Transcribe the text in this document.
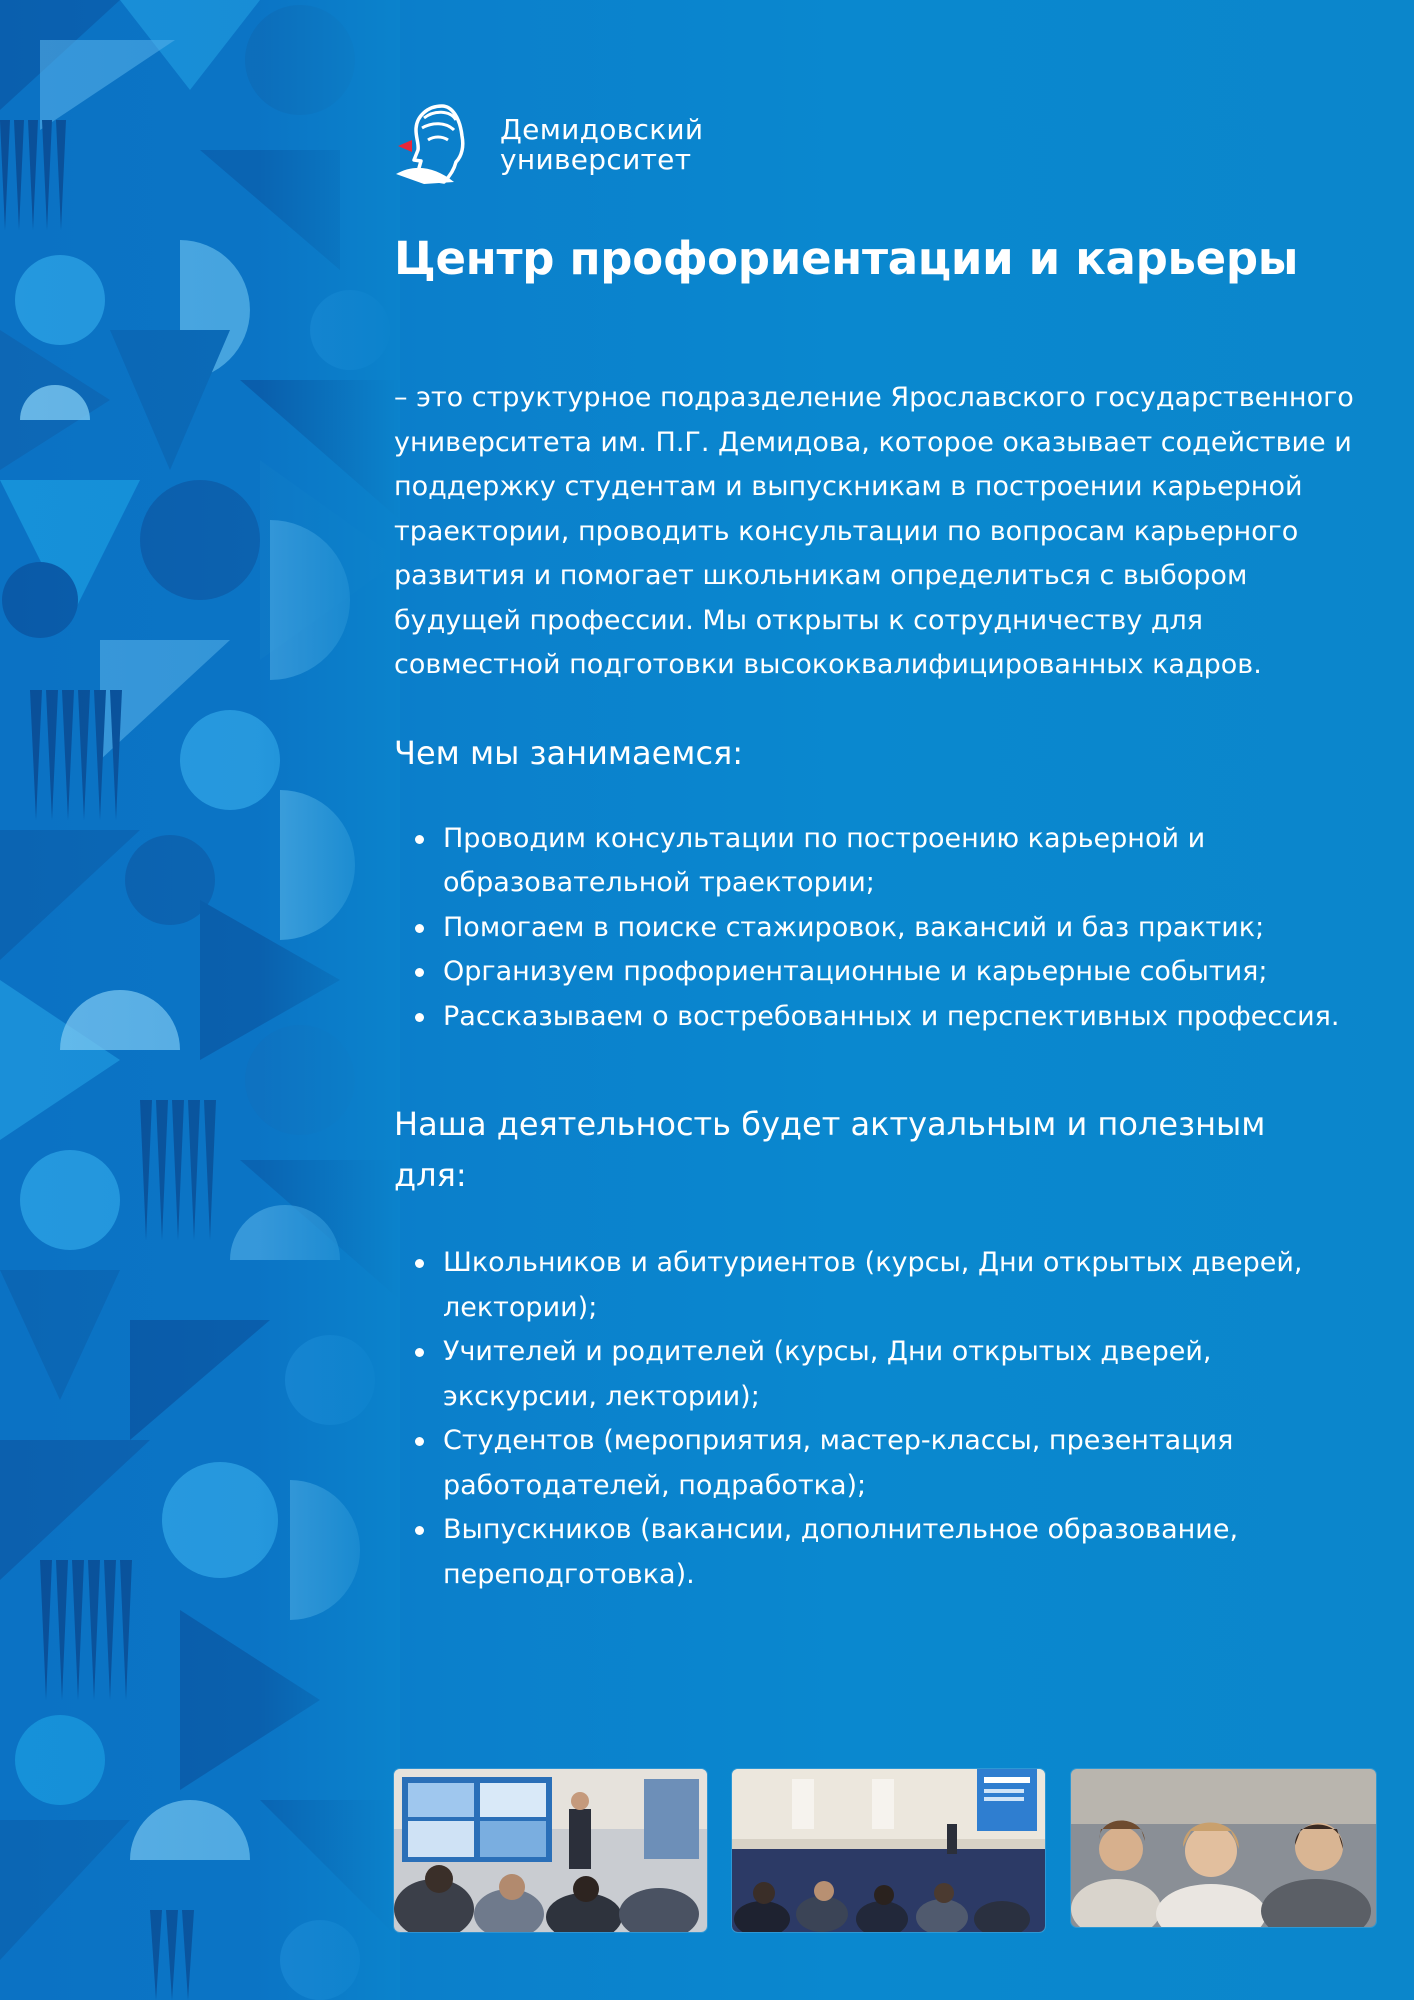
Демидовский
университет
Центр профориентации и карьеры

– это структурное подразделение Ярославского государственного университета им. П.Г. Демидова, которое оказывает содействие и поддержку студентам и выпускникам в построении карьерной траектории, проводить консультации по вопросам карьерного развития и помогает школьникам определиться с выбором будущей профессии. Мы открыты к сотрудничеству для совместной подготовки высококвалифицированных кадров.

Чем мы занимаемся:
Проводим консультации по построению карьерной и образовательной траектории;
Помогаем в поиске стажировок, вакансий и баз практик;
Организуем профориентационные и карьерные события;
Рассказываем о востребованных и перспективных профессия.
Наша деятельность будет актуальным и полезным для:
Школьников и абитуриентов (курсы, Дни открытых дверей, лектории);
Учителей и родителей (курсы, Дни открытых дверей, экскурсии, лектории);
Студентов (мероприятия, мастер-классы, презентация работодателей, подработка);
Выпускников (вакансии, дополнительное образование, переподготовка).
